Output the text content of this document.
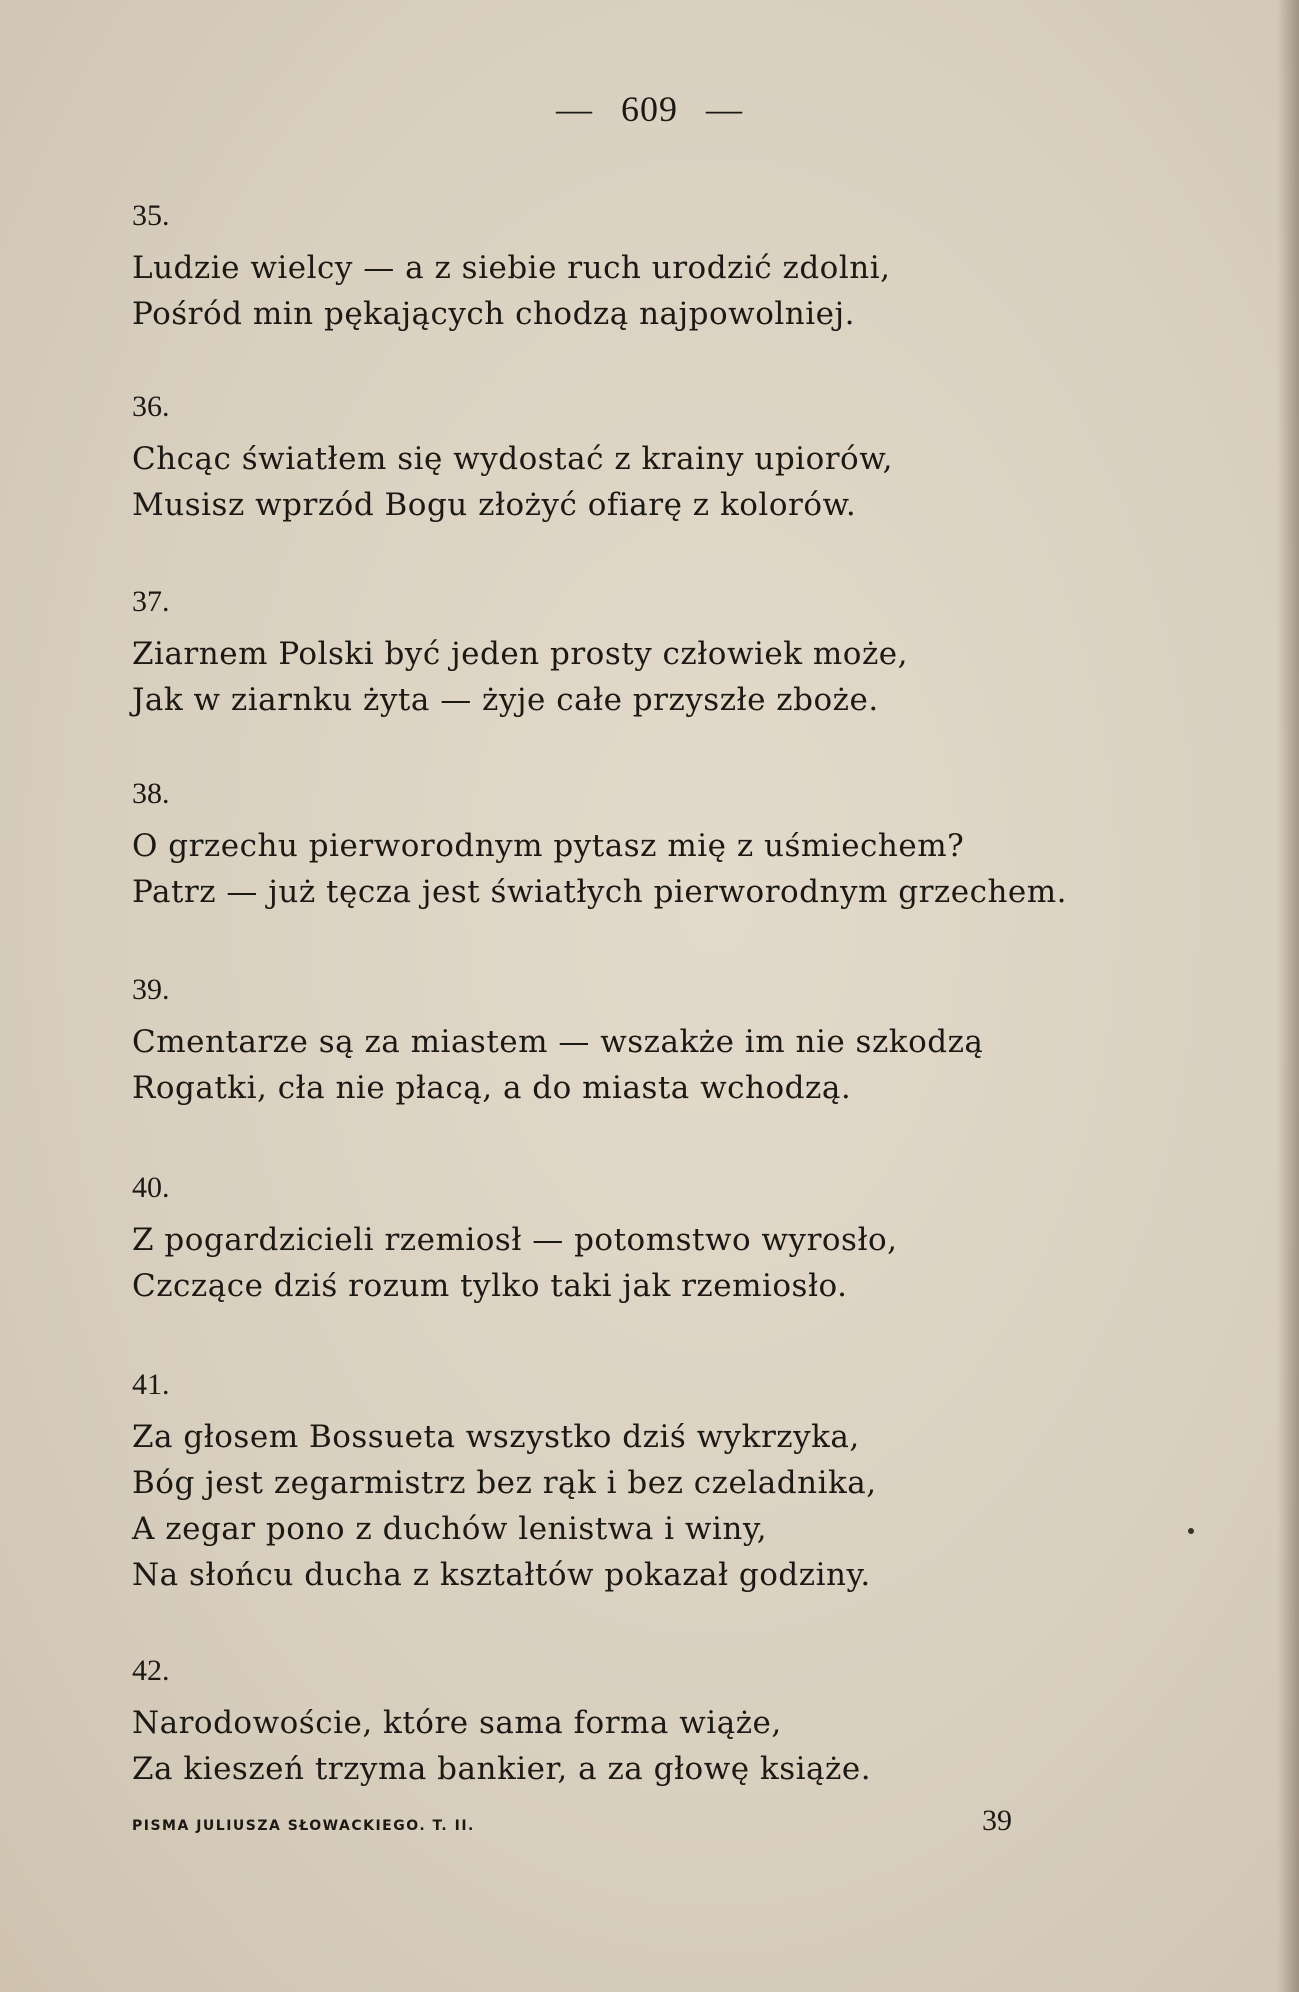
— 609 —
35.
Ludzie wielcy — a z siebie ruch urodzić zdolni,
Pośród min pękających chodzą najpowolniej.
36.
Chcąc światłem się wydostać z krainy upiorów,
Musisz wprzód Bogu złożyć ofiarę z kolorów.
37.
Ziarnem Polski być jeden prosty człowiek może,
Jak w ziarnku żyta — żyje całe przyszłe zboże.
38.
O grzechu pierworodnym pytasz mię z uśmiechem?
Patrz — już tęcza jest światłych pierworodnym grzechem.
39.
Cmentarze są za miastem — wszakże im nie szkodzą
Rogatki, cła nie płacą, a do miasta wchodzą.
40.
Z pogardzicieli rzemiosł — potomstwo wyrosło,
Czczące dziś rozum tylko taki jak rzemiosło.
41.
Za głosem Bossueta wszystko dziś wykrzyka,
Bóg jest zegarmistrz bez rąk i bez czeladnika,
A zegar pono z duchów lenistwa i winy,
Na słońcu ducha z kształtów pokazał godziny.
42.
Narodowoście, które sama forma wiąże,
Za kieszeń trzyma bankier, a za głowę książe.
PISMA JULIUSZA SŁOWACKIEGO. T. II.	39
